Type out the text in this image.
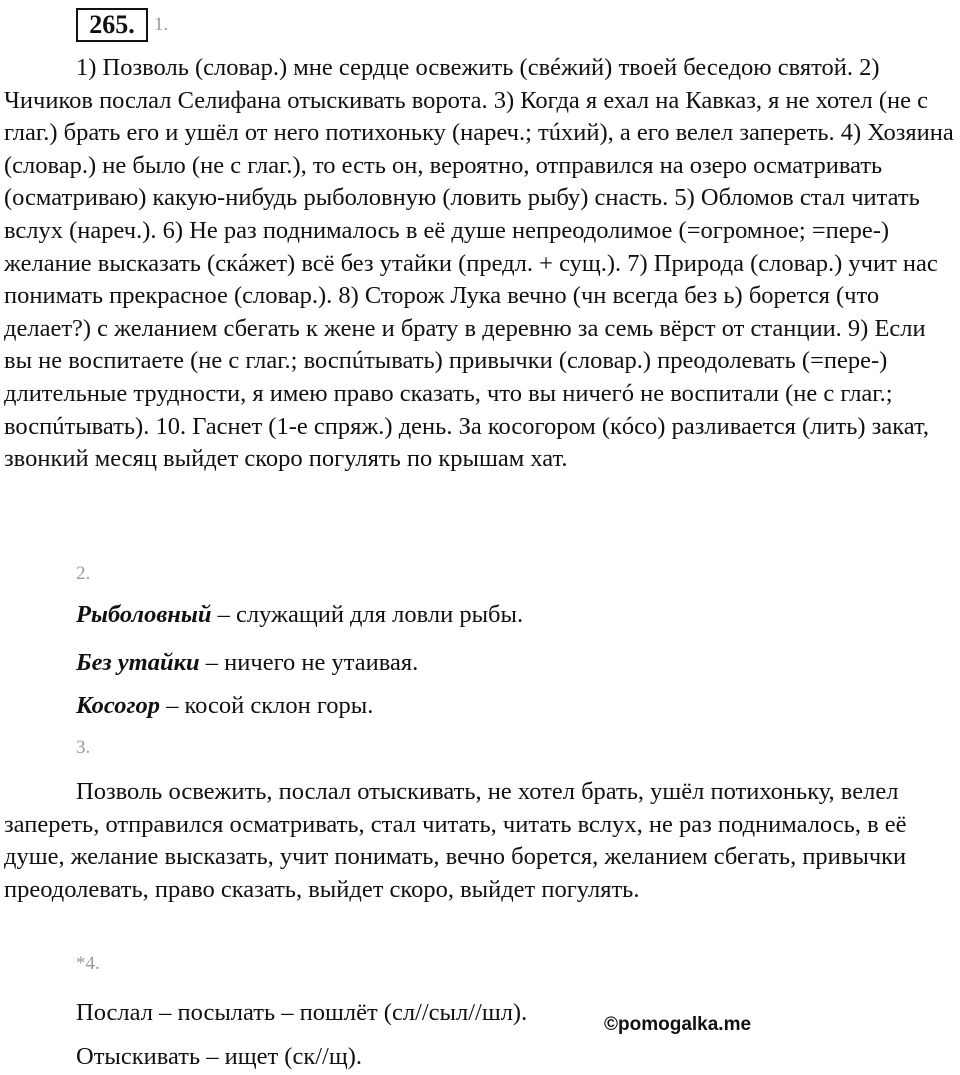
265.	1.
1) Позволь (словар.) мне сердце освежить (свéжий) твоей беседою святой. 2) Чичиков послал Селифана отыскивать ворота. 3) Когда я ехал на Кавказ, я не хотел (не с глаг.) брать его и ушёл от него потихоньку (нареч.; тúхий), а его велел запереть. 4) Хозяина (словар.) не было (не с глаг.), то есть он, вероятно, отправился на озеро осматривать (осматриваю) какую-нибудь рыболовную (ловить рыбу) снасть. 5) Обломов стал читать вслух (нареч.). 6) Не раз поднималось в её душе непреодолимое (=огромное; =пере-) желание высказать (скáжет) всё без утайки (предл. + сущ.). 7) Природа (словар.) учит нас понимать прекрасное (словар.). 8) Сторож Лука вечно (чн всегда без ь) борется (что делает?) с желанием сбегать к жене и брату в деревню за семь вёрст от станции. 9) Если вы не воспитаете (не с глаг.; воспúтывать) привычки (словар.) преодолевать (=пере-) длительные трудности, я имею право сказать, что вы ничегó не воспитали (не с глаг.; воспúтывать). 10. Гаснет (1-е спряж.) день. За косогором (кóсо) разливается (лить) закат, звонкий месяц выйдет скоро погулять по крышам хат.
2.
Рыболовный – служащий для ловли рыбы.
Без утайки – ничего не утаивая.
Косогор – косой склон горы.
3.
Позволь освежить, послал отыскивать, не хотел брать, ушёл потихоньку, велел запереть, отправился осматривать, стал читать, читать вслух, не раз поднималось, в её душе, желание высказать, учит понимать, вечно борется, желанием сбегать, привычки преодолевать, право сказать, выйдет скоро, выйдет погулять.
*4.
Послал – посылать – пошлёт (сл//сыл//шл).
Отыскивать – ищет (ск//щ).
©pomogalka.me
